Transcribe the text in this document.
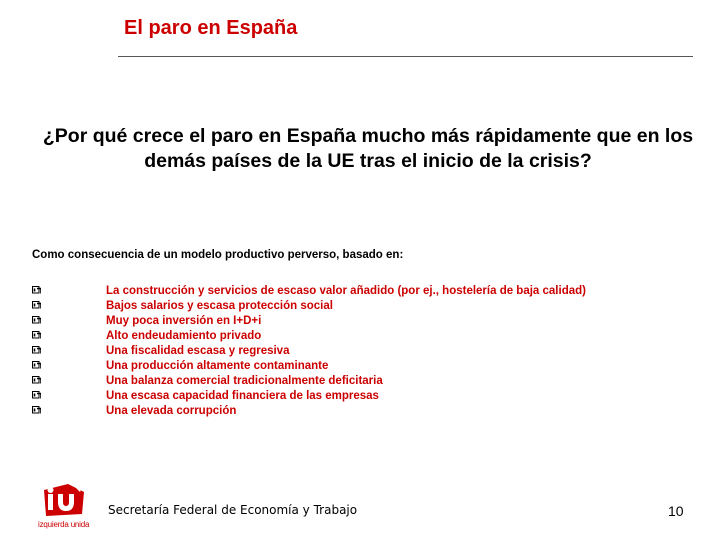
El paro en España
¿Por qué crece el paro en España mucho más rápidamente que en los demás países de la UE tras el inicio de la crisis?
Como consecuencia de un modelo productivo perverso, basado en:
La construcción y servicios de escaso valor añadido (por ej., hostelería de baja calidad)
Bajos salarios y escasa protección social
Muy poca inversión en I+D+i
Alto endeudamiento privado
Una fiscalidad escasa y regresiva
Una producción altamente contaminante
Una balanza comercial tradicionalmente deficitaria
Una escasa capacidad financiera de las empresas
Una elevada corrupción
izquierda unida
Secretaría Federal de Economía y Trabajo	10
